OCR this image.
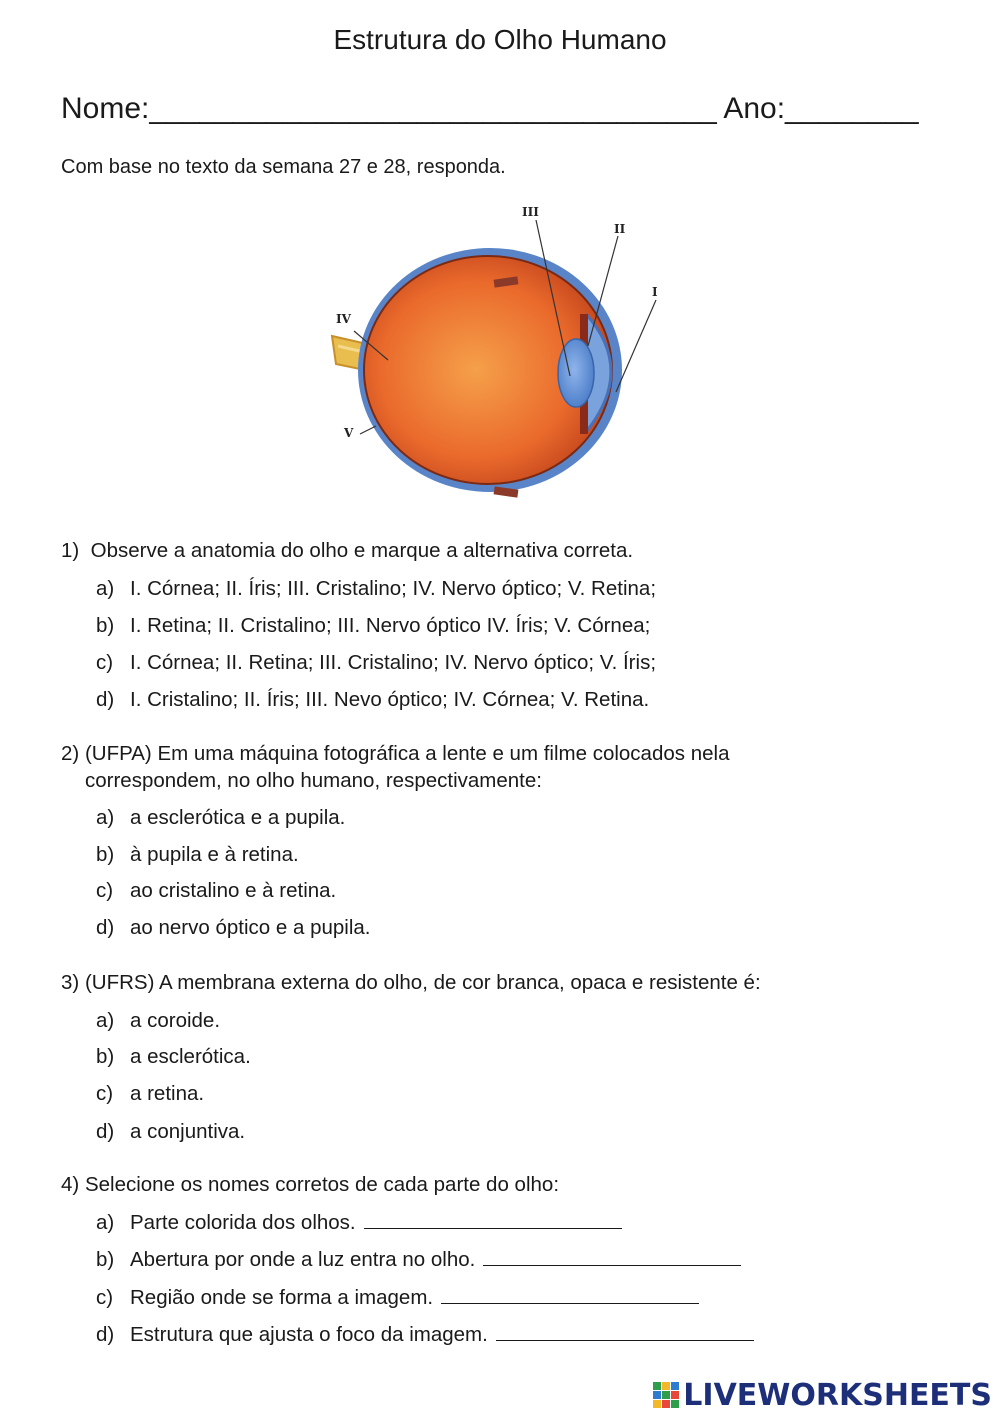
Estrutura do Olho Humano
Nome:__________________________________ Ano:________
Com base no texto da semana 27 e 28, responda.
III
II
I
IV
V
1) Observe a anatomia do olho e marque a alternativa correta.
a) I. Córnea; II. Íris; III. Cristalino; IV. Nervo óptico; V. Retina;
b) I. Retina; II. Cristalino; III. Nervo óptico IV. Íris; V. Córnea;
c) I. Córnea; II. Retina; III. Cristalino; IV. Nervo óptico; V. Íris;
d) I. Cristalino; II. Íris; III. Nevo óptico; IV. Córnea; V. Retina.
2) (UFPA) Em uma máquina fotográfica a lente e um filme colocados nela
correspondem, no olho humano, respectivamente:
a) a esclerótica e a pupila.
b) à pupila e à retina.
c) ao cristalino e à retina.
d) ao nervo óptico e a pupila.
3) (UFRS) A membrana externa do olho, de cor branca, opaca e resistente é:
a) a coroide.
b) a esclerótica.
c) a retina.
d) a conjuntiva.
4) Selecione os nomes corretos de cada parte do olho:
a) Parte colorida dos olhos.
b) Abertura por onde a luz entra no olho.
c) Região onde se forma a imagem.
d) Estrutura que ajusta o foco da imagem.
LIVEWORKSHEETS
